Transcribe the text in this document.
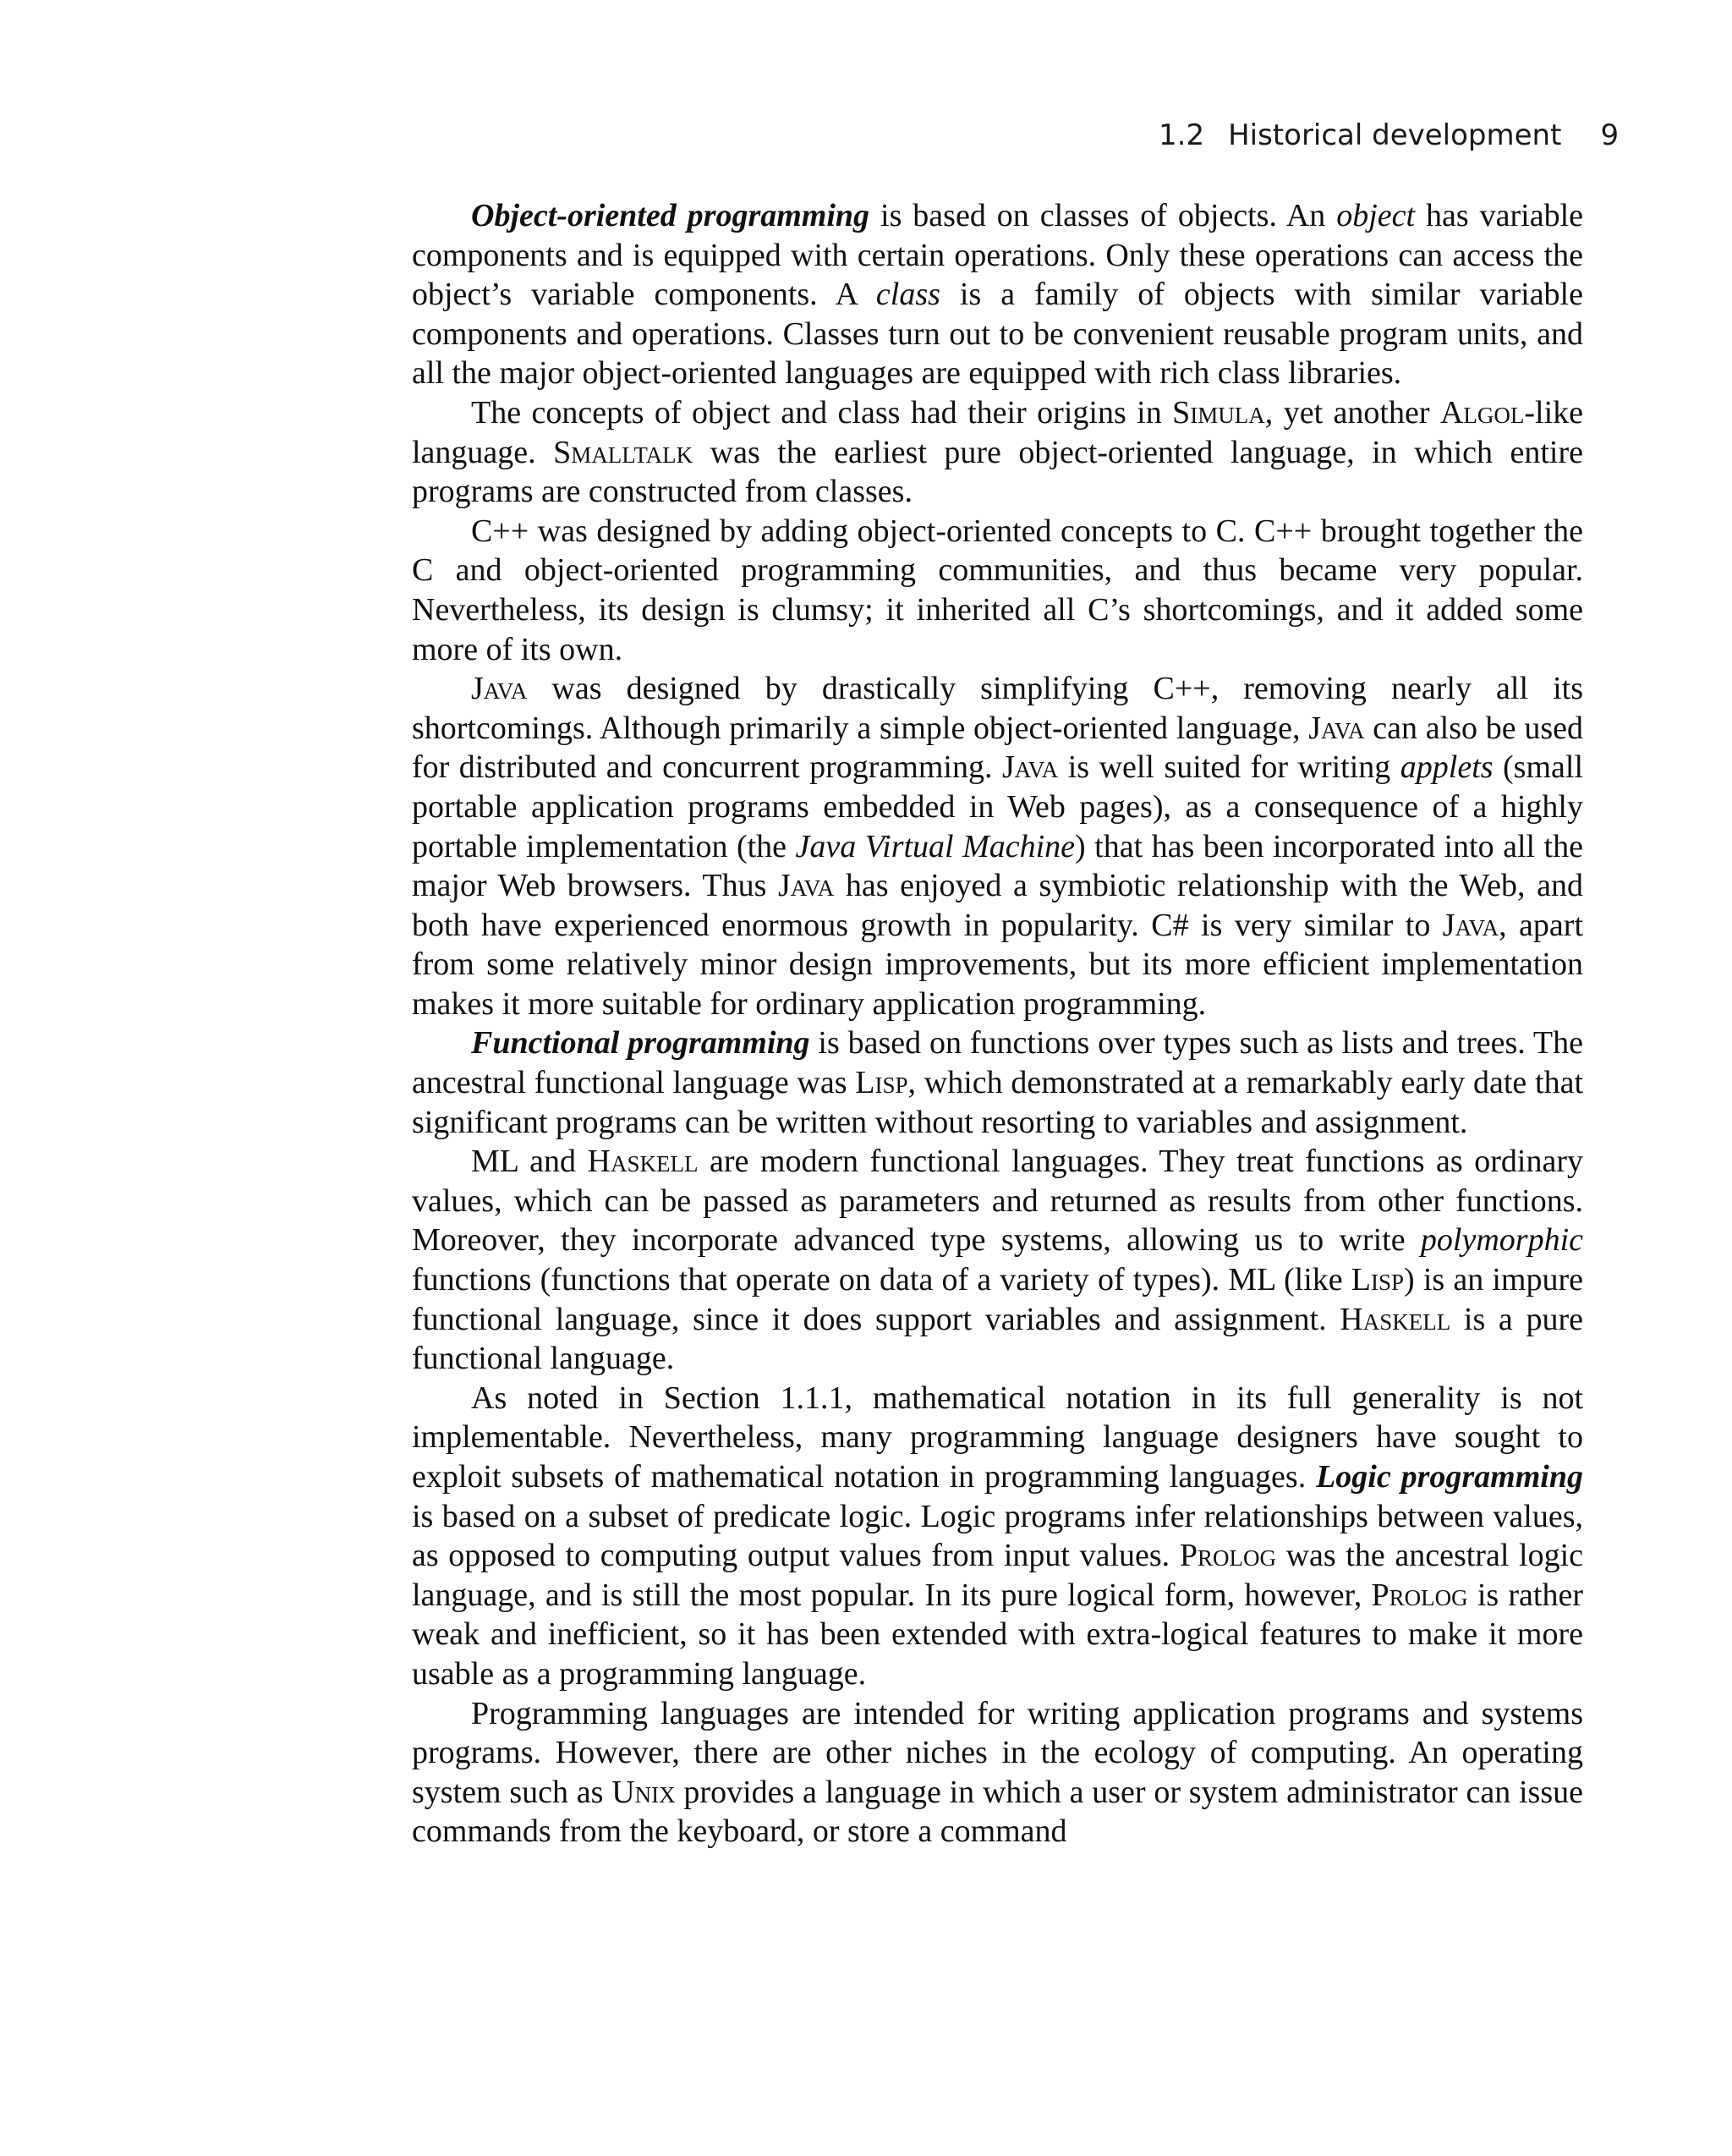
1.2 Historical development 9

Object-oriented programming is based on classes of objects. An object has variable components and is equipped with certain operations. Only these operations can access the object’s variable components. A class is a family of objects with similar variable components and operations. Classes turn out to be convenient reusable program units, and all the major object-oriented languages are equipped with rich class libraries.

The concepts of object and class had their origins in Simula, yet another Algol-like language. Smalltalk was the earliest pure object-oriented language, in which entire programs are constructed from classes.

C++ was designed by adding object-oriented concepts to C. C++ brought together the C and object-oriented programming communities, and thus became very popular. Nevertheless, its design is clumsy; it inherited all C’s shortcomings, and it added some more of its own.

Java was designed by drastically simplifying C++, removing nearly all its shortcomings. Although primarily a simple object-oriented language, Java can also be used for distributed and concurrent programming. Java is well suited for writing applets (small portable application programs embedded in Web pages), as a consequence of a highly portable implementation (the Java Virtual Machine) that has been incorporated into all the major Web browsers. Thus Java has enjoyed a symbiotic relationship with the Web, and both have experienced enormous growth in popularity. C# is very similar to Java, apart from some relatively minor design improvements, but its more efficient implementation makes it more suitable for ordinary application programming.

Functional programming is based on functions over types such as lists and trees. The ancestral functional language was Lisp, which demonstrated at a remarkably early date that significant programs can be written without resorting to variables and assignment.

ML and Haskell are modern functional languages. They treat functions as ordinary values, which can be passed as parameters and returned as results from other functions. Moreover, they incorporate advanced type systems, allowing us to write polymorphic functions (functions that operate on data of a variety of types). ML (like Lisp) is an impure functional language, since it does support variables and assignment. Haskell is a pure functional language.

As noted in Section 1.1.1, mathematical notation in its full generality is not implementable. Nevertheless, many programming language designers have sought to exploit subsets of mathematical notation in programming languages. Logic programming is based on a subset of predicate logic. Logic programs infer relationships between values, as opposed to computing output values from input values. Prolog was the ancestral logic language, and is still the most popular. In its pure logical form, however, Prolog is rather weak and inefficient, so it has been extended with extra-logical features to make it more usable as a programming language.

Programming languages are intended for writing application programs and systems programs. However, there are other niches in the ecology of computing. An operating system such as Unix provides a language in which a user or system administrator can issue commands from the keyboard, or store a command
